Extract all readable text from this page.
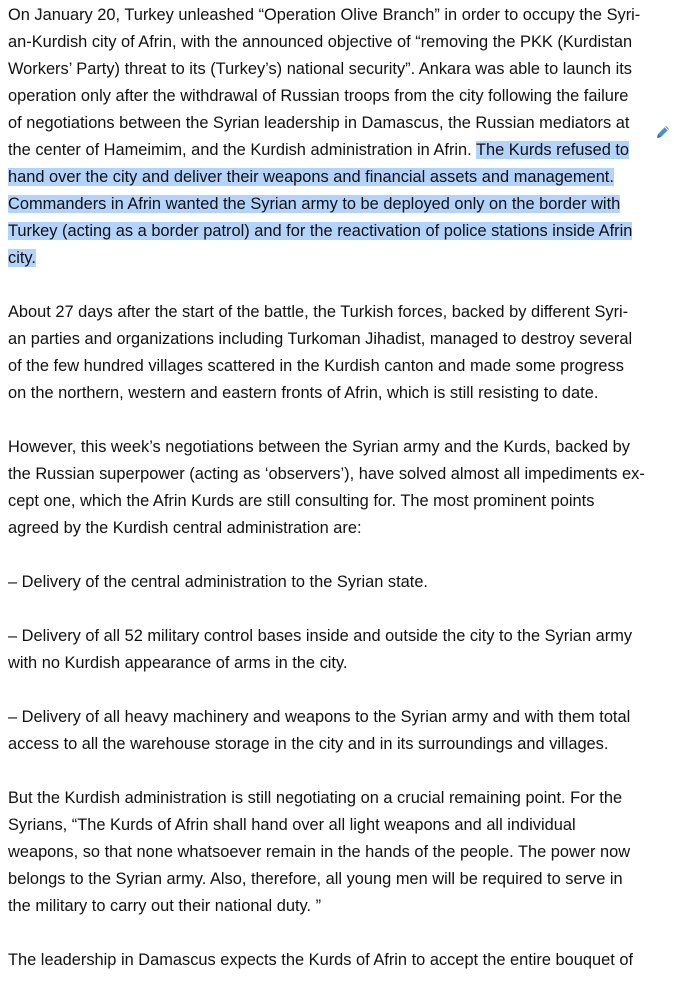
On January 20, Turkey unleashed “Operation Olive Branch” in order to occupy the Syri-
an-Kurdish city of Afrin, with the announced objective of “removing the PKK (Kurdistan
Workers’ Party) threat to its (Turkey’s) national security”. Ankara was able to launch its
operation only after the withdrawal of Russian troops from the city following the failure
of negotiations between the Syrian leadership in Damascus, the Russian mediators at
the center of Hameimim, and the Kurdish administration in Afrin. The Kurds refused to
hand over the city and deliver their weapons and financial assets and management.
Commanders in Afrin wanted the Syrian army to be deployed only on the border with
Turkey (acting as a border patrol) and for the reactivation of police stations inside Afrin
city.

About 27 days after the start of the battle, the Turkish forces, backed by different Syri-
an parties and organizations including Turkoman Jihadist, managed to destroy several
of the few hundred villages scattered in the Kurdish canton and made some progress
on the northern, western and eastern fronts of Afrin, which is still resisting to date.

However, this week’s negotiations between the Syrian army and the Kurds, backed by
the Russian superpower (acting as ‘observers’), have solved almost all impediments ex-
cept one, which the Afrin Kurds are still consulting for. The most prominent points
agreed by the Kurdish central administration are:

– Delivery of the central administration to the Syrian state.

– Delivery of all 52 military control bases inside and outside the city to the Syrian army
with no Kurdish appearance of arms in the city.

– Delivery of all heavy machinery and weapons to the Syrian army and with them total
access to all the warehouse storage in the city and in its surroundings and villages.

But the Kurdish administration is still negotiating on a crucial remaining point. For the
Syrians, “The Kurds of Afrin shall hand over all light weapons and all individual
weapons, so that none whatsoever remain in the hands of the people. The power now
belongs to the Syrian army. Also, therefore, all young men will be required to serve in
the military to carry out their national duty. ”

The leadership in Damascus expects the Kurds of Afrin to accept the entire bouquet of
